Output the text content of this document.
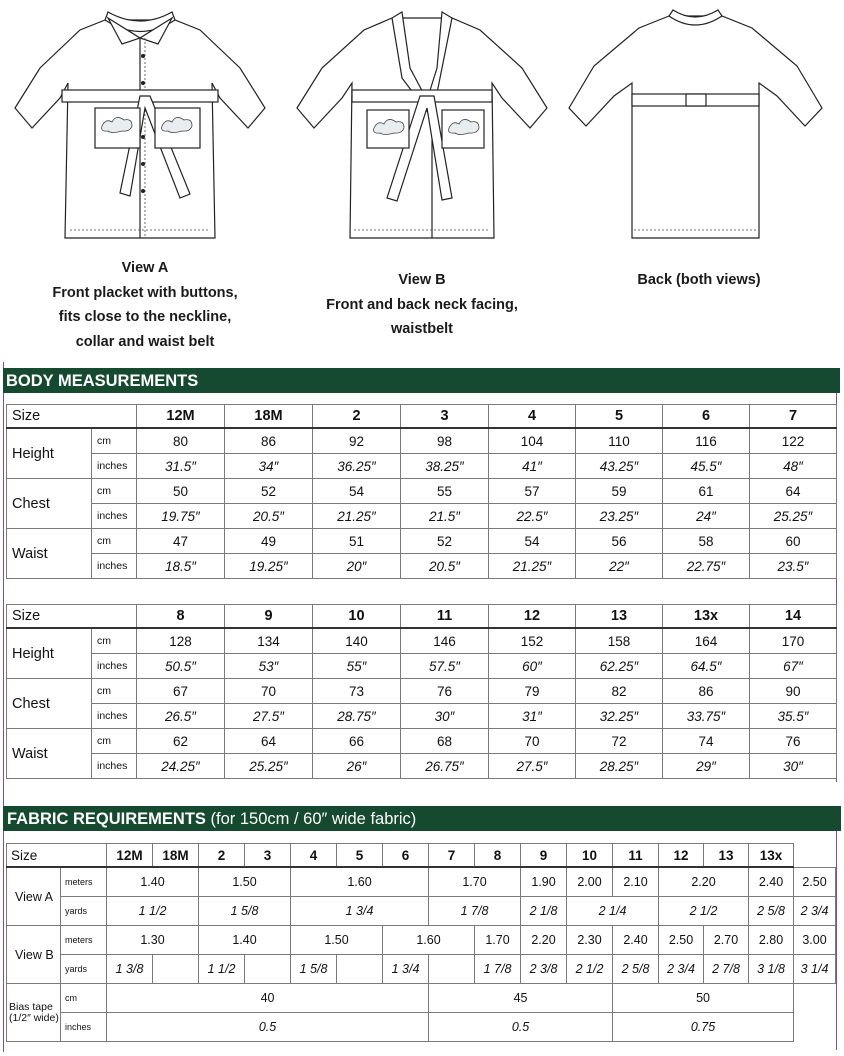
View A
Front placket with buttons,
fits close to the neckline,
collar and waist belt
View B
Front and back neck facing,
waistbelt
Back (both views)
BODY MEASUREMENTS
Size		12M	18M	2	3	4	5	6	7
Height	cm	80	86	92	98	104	110	116	122
	inches	31.5″	34″	36.25″	38.25″	41″	43.25″	45.5″	48″
Chest	cm	50	52	54	55	57	59	61	64
	inches	19.75″	20.5″	21.25″	21.5″	22.5″	23.25″	24″	25.25″
Waist	cm	47	49	51	52	54	56	58	60
	inches	18.5″	19.25″	20″	20.5″	21.25″	22″	22.75″	23.5″
Size		8	9	10	11	12	13	13x	14
Height	cm	128	134	140	146	152	158	164	170
	inches	50.5″	53″	55″	57.5″	60″	62.25″	64.5″	67″
Chest	cm	67	70	73	76	79	82	86	90
	inches	26.5″	27.5″	28.75″	30″	31″	32.25″	33.75″	35.5″
Waist	cm	62	64	66	68	70	72	74	76
	inches	24.25″	25.25″	26″	26.75″	27.5″	28.25″	29″	30″
FABRIC REQUIREMENTS (for 150cm / 60″ wide fabric)
Size		12M	18M	2	3	4	5	6	7	8	9	10	11	12	13	13x	
View A	meters	1.40		1.50		1.60			1.70		1.90	2.00	2.10	2.20		2.40	2.50
	yards	1 1/2		1 5/8		1 3/4			1 7/8		2 1/8	2 1/4		2 1/2		2 5/8	2 3/4
View B	meters	1.30		1.40		1.50		1.60		1.70	2.20	2.30	2.40	2.50	2.70	2.80	3.00
	yards	1 3/8		1 1/2		1 5/8		1 3/4		1 7/8	2 3/8	2 1/2	2 5/8	2 3/4	2 7/8	3 1/8	3 1/4
Bias tape (1/2″ wide)	cm	40							45				50				
	inches	0.5							0.5				0.75				
